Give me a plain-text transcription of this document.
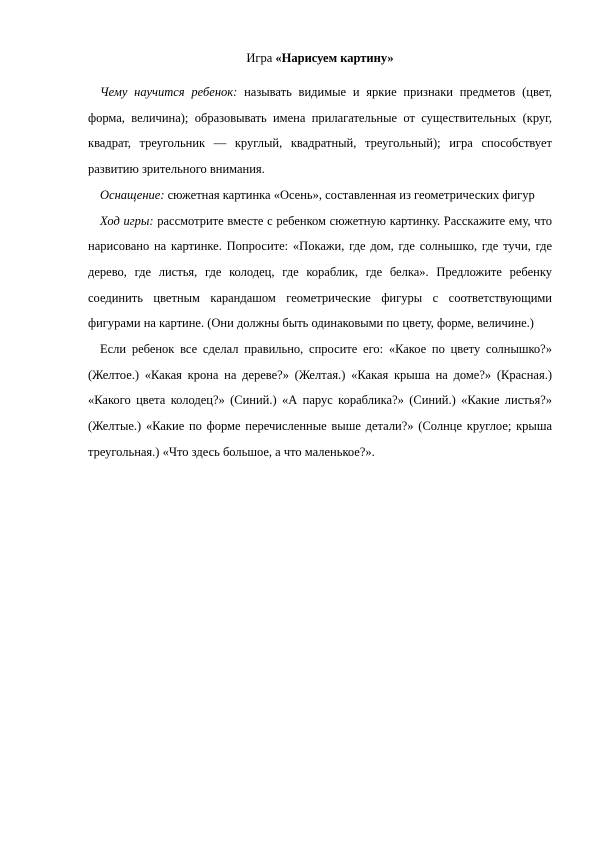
Игра «Нарисуем картину»

Чему научится ребенок: называть видимые и яркие признаки предметов (цвет, форма, величина); образовывать имена прилагательные от существительных (круг, квадрат, треугольник — круглый, квадратный, треугольный); игра способствует развитию зрительного внимания.

Оснащение: сюжетная картинка «Осень», составленная из геометрических фигур

Ход игры: рассмотрите вместе с ребенком сюжетную картинку. Расскажите ему, что нарисовано на картинке. Попросите: «Покажи, где дом, где солнышко, где тучи, где дерево, где листья, где колодец, где кораблик, где белка». Предложите ребенку соединить цветным карандашом геометрические фигуры с соответствующими фигурами на картине. (Они должны быть одинаковыми по цвету, форме, величине.)

Если ребенок все сделал правильно, спросите его: «Какое по цвету солнышко?» (Желтое.) «Какая крона на дереве?» (Желтая.) «Какая крыша на доме?» (Красная.) «Какого цвета колодец?» (Синий.) «А парус кораблика?» (Синий.) «Какие листья?» (Желтые.) «Какие по форме перечисленные выше детали?» (Солнце круглое; крыша треугольная.) «Что здесь большое, а что маленькое?».
